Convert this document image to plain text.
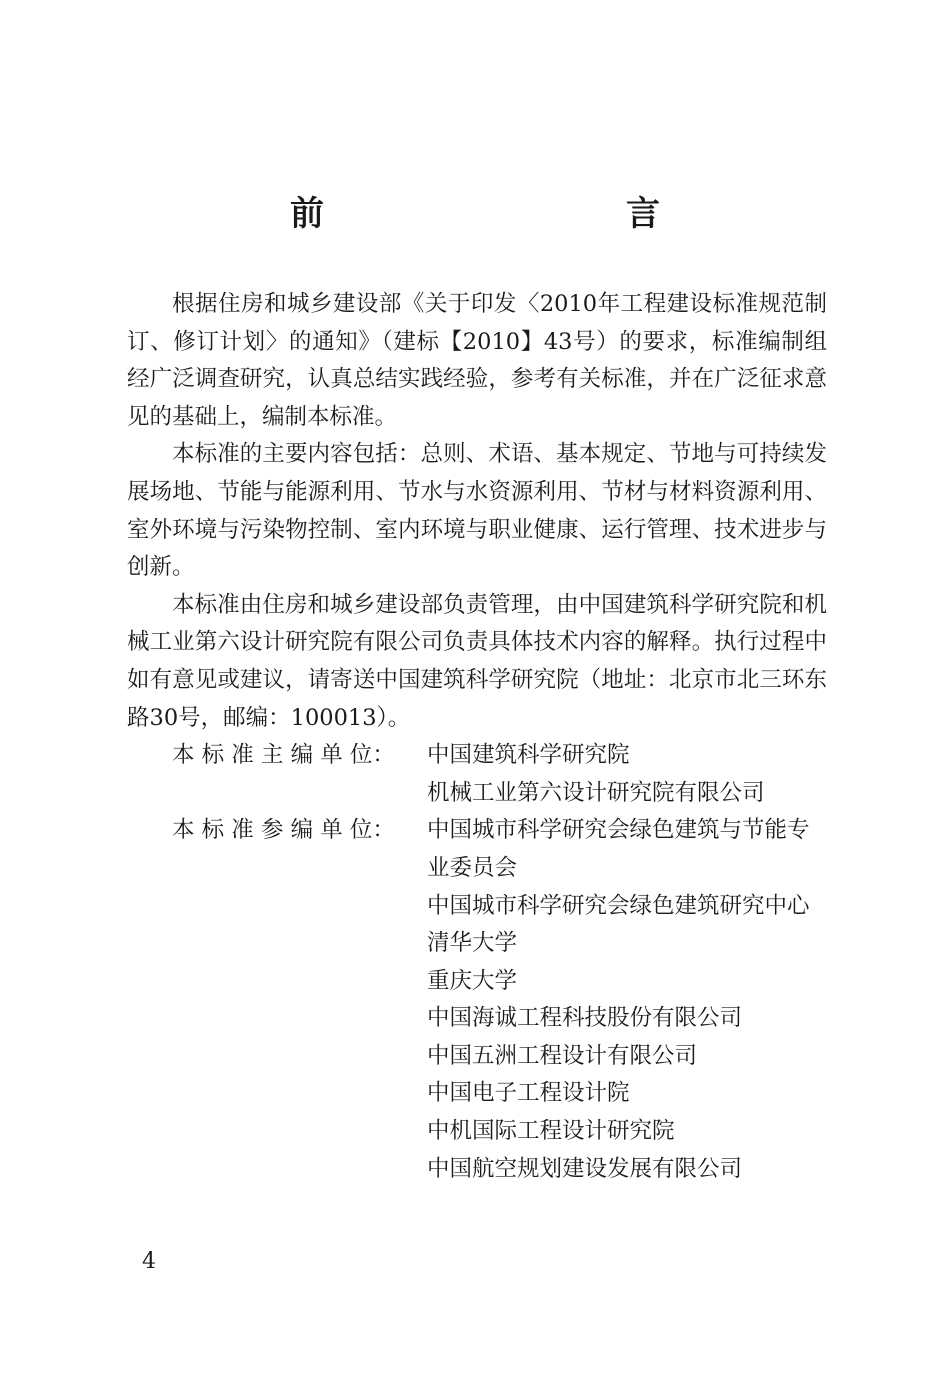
前　　言

根据住房和城乡建设部《关于印发〈2010年工程建设标准规范制订、修订计划〉的通知》（建标【2010】43号）的要求，标准编制组经广泛调查研究，认真总结实践经验，参考有关标准，并在广泛征求意见的基础上，编制本标准。

本标准的主要内容包括：总则、术语、基本规定、节地与可持续发展场地、节能与能源利用、节水与水资源利用、节材与材料资源利用、室外环境与污染物控制、室内环境与职业健康、运行管理、技术进步与创新。

本标准由住房和城乡建设部负责管理，由中国建筑科学研究院和机械工业第六设计研究院有限公司负责具体技术内容的解释。执行过程中如有意见或建议，请寄送中国建筑科学研究院（地址：北京市北三环东路30号，邮编：100013）。

本 标 准 主 编 单 位：	中国建筑科学研究院
机械工业第六设计研究院有限公司
本 标 准 参 编 单 位：	中国城市科学研究会绿色建筑与节能专业委员会
中国城市科学研究会绿色建筑研究中心
清华大学
重庆大学
中国海诚工程科技股份有限公司
中国五洲工程设计有限公司
中国电子工程设计院
中机国际工程设计研究院
中国航空规划建设发展有限公司
4
